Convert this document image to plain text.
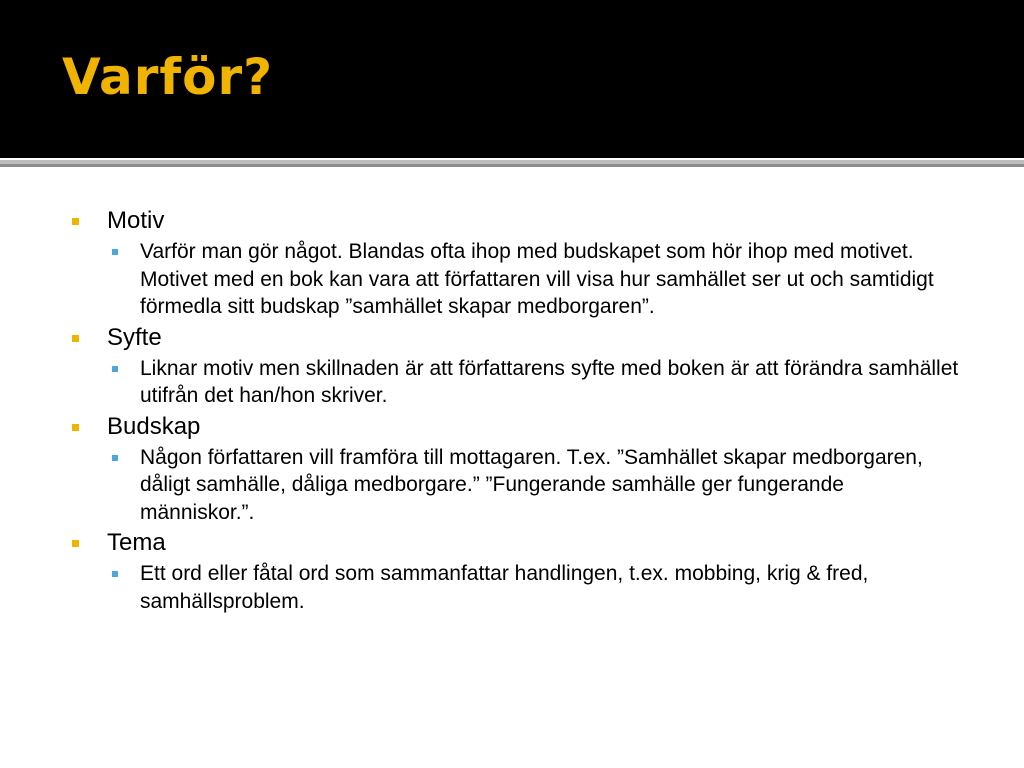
Varför?

Motiv

Varför man gör något. Blandas ofta ihop med budskapet som hör ihop med motivet. Motivet med en bok kan vara att författaren vill visa hur samhället ser ut och samtidigt förmedla sitt budskap ”samhället skapar medborgaren”.

Syfte

Liknar motiv men skillnaden är att författarens syfte med boken är att förändra samhället utifrån det han/hon skriver.

Budskap

Någon författaren vill framföra till mottagaren. T.ex. ”Samhället skapar medborgaren, dåligt samhälle, dåliga medborgare.” ”Fungerande samhälle ger fungerande människor.”.

Tema

Ett ord eller fåtal ord som sammanfattar handlingen, t.ex. mobbing, krig & fred, samhällsproblem.
